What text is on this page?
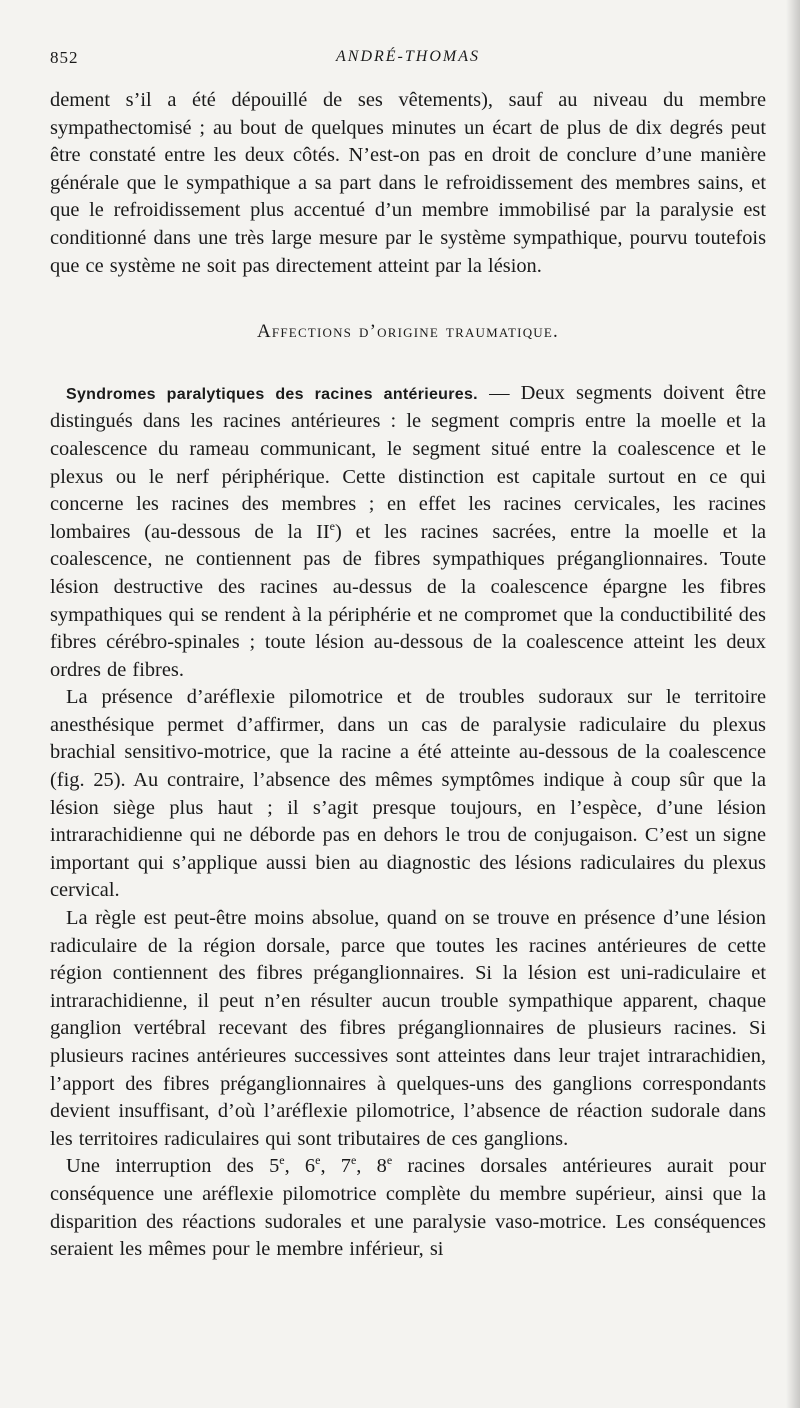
852	ANDRÉ-THOMAS

dement s’il a été dépouillé de ses vêtements), sauf au niveau du membre sympathectomisé ; au bout de quelques minutes un écart de plus de dix degrés peut être constaté entre les deux côtés. N’est-on pas en droit de conclure d’une manière générale que le sympathique a sa part dans le refroidissement des membres sains, et que le refroidissement plus accentué d’un membre immobilisé par la paralysie est conditionné dans une très large mesure par le système sympathique, pourvu toutefois que ce système ne soit pas directement atteint par la lésion.

Affections d’origine traumatique.

Syndromes paralytiques des racines antérieures. — Deux segments doivent être distingués dans les racines antérieures : le segment compris entre la moelle et la coalescence du rameau communicant, le segment situé entre la coalescence et le plexus ou le nerf périphérique. Cette distinction est capitale surtout en ce qui concerne les racines des membres ; en effet les racines cervicales, les racines lombaires (au-dessous de la IIe) et les racines sacrées, entre la moelle et la coalescence, ne contiennent pas de fibres sympathiques préganglionnaires. Toute lésion destructive des racines au-dessus de la coalescence épargne les fibres sympathiques qui se rendent à la périphérie et ne compromet que la conductibilité des fibres cérébro-spinales ; toute lésion au-dessous de la coalescence atteint les deux ordres de fibres.

La présence d’aréflexie pilomotrice et de troubles sudoraux sur le territoire anesthésique permet d’affirmer, dans un cas de paralysie radiculaire du plexus brachial sensitivo-motrice, que la racine a été atteinte au-dessous de la coalescence (fig. 25). Au contraire, l’absence des mêmes symptômes indique à coup sûr que la lésion siège plus haut ; il s’agit presque toujours, en l’espèce, d’une lésion intrarachidienne qui ne déborde pas en dehors le trou de conjugaison. C’est un signe important qui s’applique aussi bien au diagnostic des lésions radiculaires du plexus cervical.

La règle est peut-être moins absolue, quand on se trouve en présence d’une lésion radiculaire de la région dorsale, parce que toutes les racines antérieures de cette région contiennent des fibres préganglionnaires. Si la lésion est uni-radiculaire et intrarachidienne, il peut n’en résulter aucun trouble sympathique apparent, chaque ganglion vertébral recevant des fibres préganglionnaires de plusieurs racines. Si plusieurs racines antérieures successives sont atteintes dans leur trajet intrarachidien, l’apport des fibres préganglionnaires à quelques-uns des ganglions correspondants devient insuffisant, d’où l’aréflexie pilomotrice, l’absence de réaction sudorale dans les territoires radiculaires qui sont tributaires de ces ganglions.

Une interruption des 5e, 6e, 7e, 8e racines dorsales antérieures aurait pour conséquence une aréflexie pilomotrice complète du membre supérieur, ainsi que la disparition des réactions sudorales et une paralysie vaso-motrice. Les conséquences seraient les mêmes pour le membre inférieur, si
